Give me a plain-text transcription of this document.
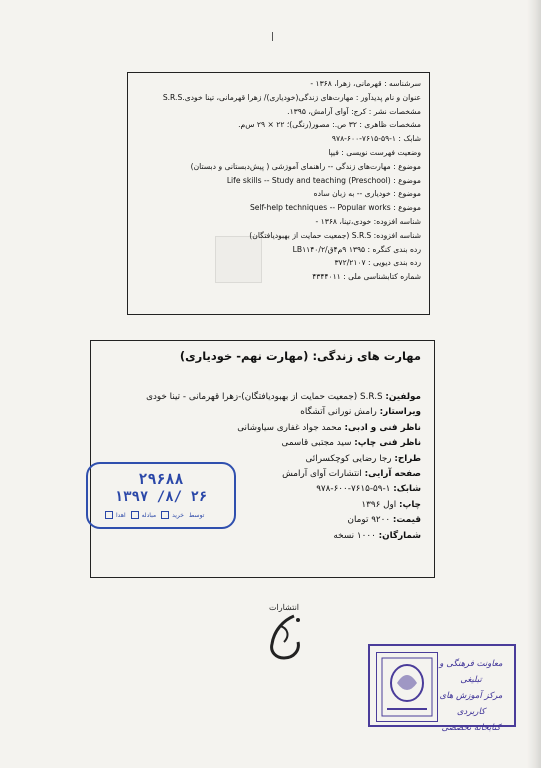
سرشناسه : قهرمانی، زهرا، ۱۳۶۸ -
عنوان و نام پدیدآور : مهارت‌های زندگی(خودیاری)/ زهرا قهرمانی، تینا خودی.S.R.S
مشخصات نشر : کرج: آوای آرامش، ۱۳۹۵.
مشخصات ظاهری : ۳۲ ص.: مصور(رنگی)؛ ۲۲ × ۲۹ س‌م.
شابک : ۱-۵۹-۷۶۱۵-۶۰۰-۹۷۸
وضعیت فهرست نویسی : فیپا
موضوع : مهارت‌های زندگی -- راهنمای آموزشی ( پیش‌دبستانی و دبستان)
موضوع : Life skills -- Study and teaching (Preschool)
موضوع : خودیاری -- به زبان ساده
موضوع : Self-help techniques -- Popular works
شناسه افزوده: خودی،تینا، ۱۳۶۸ -
شناسه افزوده: S.R.S (جمعیت حمایت از بهبودیافتگان)
رده بندی کنگره : ۱۳۹۵ ۹م۴ق/۲/LB۱۱۴۰
رده بندی دیویی : ۳۷۲/۲۱۰۷
شماره کتابشناسی ملی : ۴۳۴۴۰۱۱
مهارت های زندگی: (مهارت نهم- خودیاری)
مولفین: S.R.S (جمعیت حمایت از بهبودیافتگان)-زهرا قهرمانی - تینا خودی
ویراستار: رامش نورانی آتشگاه
ناظر فنی و ادبی: محمد جواد غفاری سیاوشانی
ناظر فنی چاپ: سید مجتبی قاسمی
طراح: رجا رضایی کوچکسرائی
صفحه آرایی: انتشارات آوای آرامش
شابک: ۱-۵۹-۷۶۱۵-۶۰۰-۹۷۸
چاپ: اول ۱۳۹۶
قیمت: ۹۲۰۰ تومان
شمارگان: ۱۰۰۰ نسخه
۲۹۶۸۸
۱۳۹۷ /۸/ ۲۶
اهدا	مبادله	خرید توسط
انتشارات
معاونت فرهنگی و تبلیغی
مرکز آموزش های کاربردی
کتابخانه تخصصی
